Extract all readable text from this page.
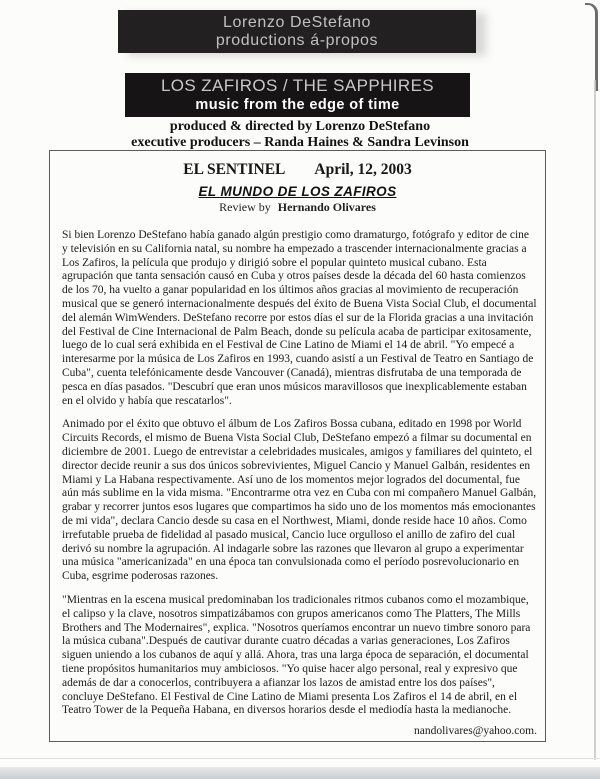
Lorenzo DeStefano
productions á-propos
LOS ZAFIROS / THE SAPPHIRES
music from the edge of time
produced & directed by Lorenzo DeStefano
executive producers – Randa Haines & Sandra Levinson
EL SENTINEL April, 12, 2003
EL MUNDO DE LOS ZAFIROS
Review by Hernando Olivares

Si bien Lorenzo DeStefano había ganado algún prestigio como dramaturgo, fotógrafo y editor de cine y televisión en su California natal, su nombre ha empezado a trascender internacionalmente gracias a Los Zafiros, la película que produjo y dirigió sobre el popular quinteto musical cubano. Esta agrupación que tanta sensación causó en Cuba y otros países desde la década del 60 hasta comienzos de los 70, ha vuelto a ganar popularidad en los últimos años gracias al movimiento de recuperación musical que se generó internacionalmente después del éxito de Buena Vista Social Club, el documental del alemán WimWenders. DeStefano recorre por estos días el sur de la Florida gracias a una invitación del Festival de Cine Internacional de Palm Beach, donde su película acaba de participar exitosamente, luego de lo cual será exhibida en el Festival de Cine Latino de Miami el 14 de abril. "Yo empecé a interesarme por la música de Los Zafiros en 1993, cuando asistí a un Festival de Teatro en Santiago de Cuba", cuenta telefónicamente desde Vancouver (Canadá), mientras disfrutaba de una temporada de pesca en días pasados. "Descubrí que eran unos músicos maravillosos que inexplicablemente estaban en el olvido y había que rescatarlos".

Animado por el éxito que obtuvo el álbum de Los Zafiros Bossa cubana, editado en 1998 por World Circuits Records, el mismo de Buena Vista Social Club, DeStefano empezó a filmar su documental en diciembre de 2001. Luego de entrevistar a celebridades musicales, amigos y familiares del quinteto, el director decide reunir a sus dos únicos sobrevivientes, Miguel Cancio y Manuel Galbán, residentes en Miami y La Habana respectivamente. Así uno de los momentos mejor logrados del documental, fue aún más sublime en la vida misma. "Encontrarme otra vez en Cuba con mi compañero Manuel Galbán, grabar y recorrer juntos esos lugares que compartimos ha sido uno de los momentos más emocionantes de mi vida", declara Cancio desde su casa en el Northwest, Miami, donde reside hace 10 años. Como irrefutable prueba de fidelidad al pasado musical, Cancio luce orgulloso el anillo de zafiro del cual derivó su nombre la agrupación. Al indagarle sobre las razones que llevaron al grupo a experimentar una música "americanizada" en una época tan convulsionada como el período posrevolucionario en Cuba, esgrime poderosas razones.

"Mientras en la escena musical predominaban los tradicionales ritmos cubanos como el mozambique, el calipso y la clave, nosotros simpatizábamos con grupos americanos como The Platters, The Mills Brothers and The Modernaires", explica. "Nosotros queríamos encontrar un nuevo timbre sonoro para la música cubana".Después de cautivar durante cuatro décadas a varias generaciones, Los Zafiros siguen uniendo a los cubanos de aquí y allá. Ahora, tras una larga época de separación, el documental tiene propósitos humanitarios muy ambiciosos. "Yo quise hacer algo personal, real y expresivo que además de dar a conocerlos, contribuyera a afianzar los lazos de amistad entre los dos países", concluye DeStefano. El Festival de Cine Latino de Miami presenta Los Zafiros el 14 de abril, en el Teatro Tower de la Pequeña Habana, en diversos horarios desde el mediodía hasta la medianoche.

nandolivares@yahoo.com.
